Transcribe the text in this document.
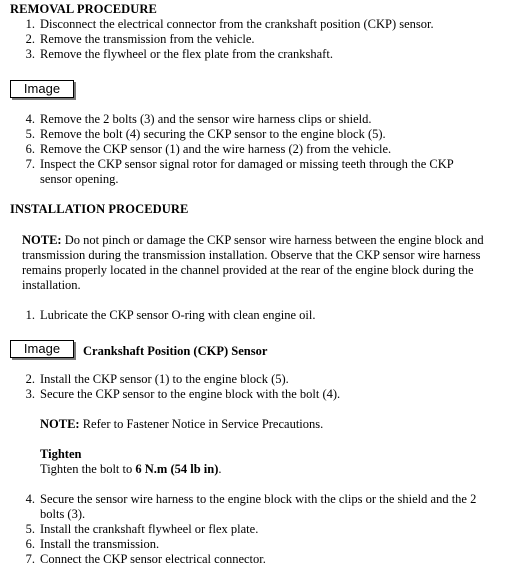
REMOVAL PROCEDURE
1. Disconnect the electrical connector from the crankshaft position (CKP) sensor.
2. Remove the transmission from the vehicle.
3. Remove the flywheel or the flex plate from the crankshaft.
Image
4. Remove the 2 bolts (3) and the sensor wire harness clips or shield.
5. Remove the bolt (4) securing the CKP sensor to the engine block (5).
6. Remove the CKP sensor (1) and the wire harness (2) from the vehicle.
7. Inspect the CKP sensor signal rotor for damaged or missing teeth through the CKP sensor opening.
INSTALLATION PROCEDURE
NOTE: Do not pinch or damage the CKP sensor wire harness between the engine block and transmission during the transmission installation. Observe that the CKP sensor wire harness remains properly located in the channel provided at the rear of the engine block during the installation.
1. Lubricate the CKP sensor O-ring with clean engine oil.
Image	Crankshaft Position (CKP) Sensor
2. Install the CKP sensor (1) to the engine block (5).
3. Secure the CKP sensor to the engine block with the bolt (4).
NOTE: Refer to Fastener Notice in Service Precautions.
Tighten
Tighten the bolt to 6 N.m (54 lb in).
4. Secure the sensor wire harness to the engine block with the clips or the shield and the 2 bolts (3).
5. Install the crankshaft flywheel or flex plate.
6. Install the transmission.
7. Connect the CKP sensor electrical connector.
